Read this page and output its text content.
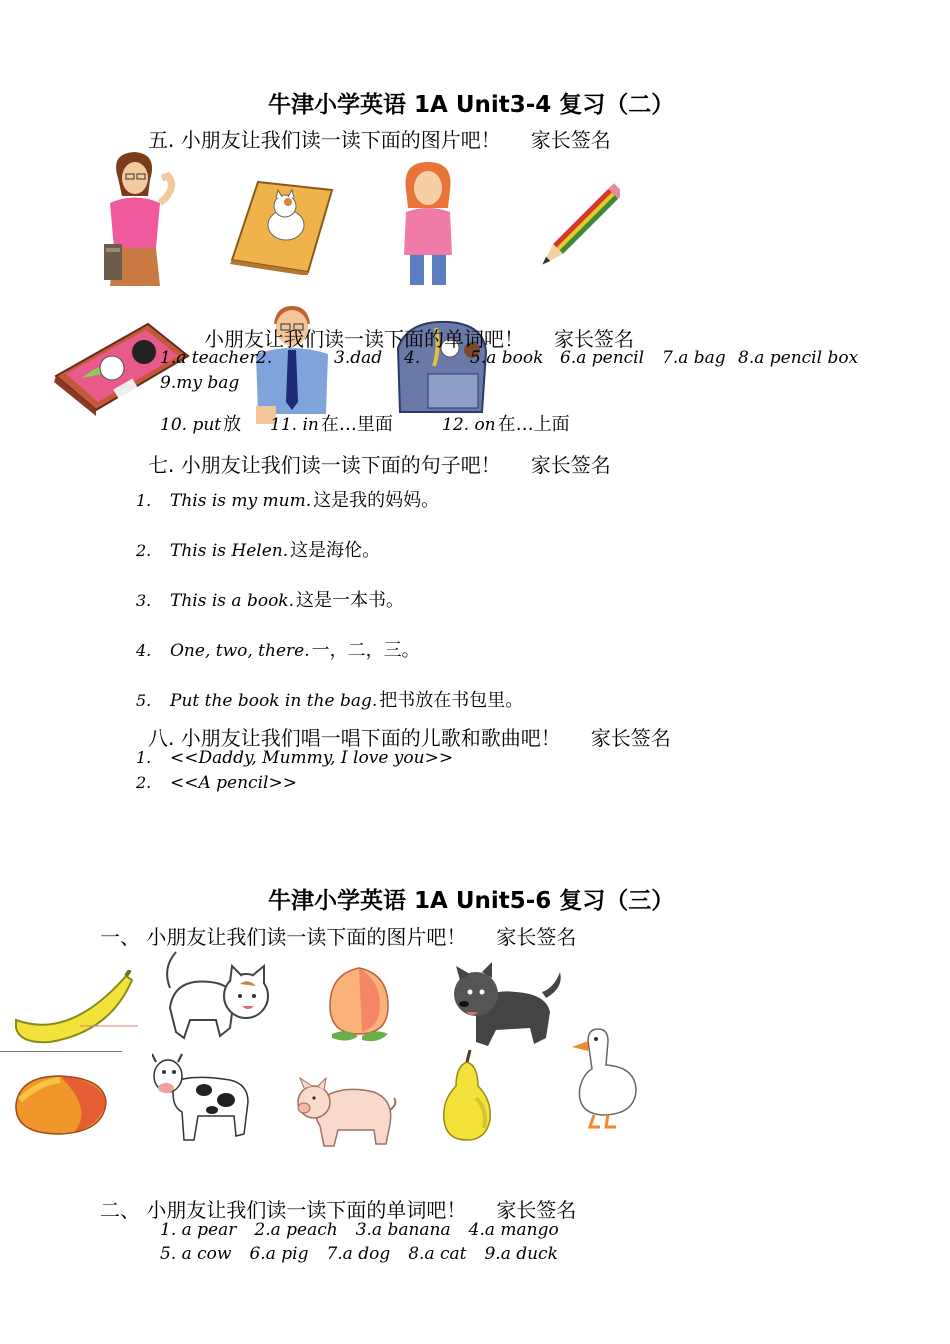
牛津小学英语 1A Unit3-4 复习（二）
五. 小朋友让我们读一读下面的图片吧！ 家长签名
小朋友让我们读一读下面的单词吧！ 家长签名
1.a teacher
2.	3.dad 4.	5.a book 6.a pencil 7.a bag 8.a pencil box
9.my bag
10. put 放 11. in 在…里面	12. on 在…上面
七. 小朋友让我们读一读下面的句子吧！ 家长签名
1. This is my mum. 这是我的妈妈。
2. This is Helen. 这是海伦。
3. This is a book. 这是一本书。
4. One, two, there. 一，二，三。
5. Put the book in the bag. 把书放在书包里。
八. 小朋友让我们唱一唱下面的儿歌和歌曲吧！ 家长签名
1. <<Daddy, Mummy, I love you>>
2. <<A pencil>>
牛津小学英语 1A Unit5-6 复习（三）
一、 小朋友让我们读一读下面的图片吧！ 家长签名
二、 小朋友让我们读一读下面的单词吧！ 家长签名
1. a pear 2.a peach 3.a banana 4.a mango
5. a cow 6.a pig 7.a dog 8.a cat 9.a duck
